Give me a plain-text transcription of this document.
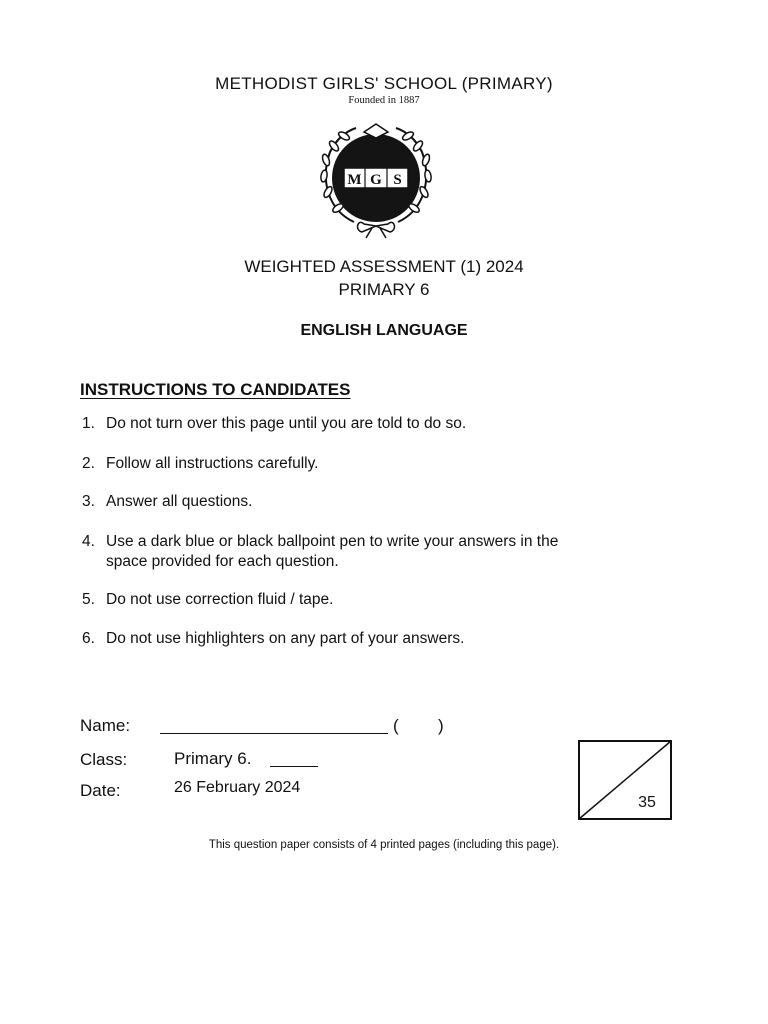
METHODIST GIRLS' SCHOOL (PRIMARY)
Founded in 1887
M G S
WEIGHTED ASSESSMENT (1) 2024
PRIMARY 6
ENGLISH LANGUAGE
INSTRUCTIONS TO CANDIDATES
1. Do not turn over this page until you are told to do so.
2. Follow all instructions carefully.
3. Answer all questions.
4. Use a dark blue or black ballpoint pen to write your answers in the
space provided for each question.
5. Do not use correction fluid / tape.
6. Do not use highlighters on any part of your answers.
Name:	( )
Class:	Primary 6.
Date:	26 February 2024
35
This question paper consists of 4 printed pages (including this page).
